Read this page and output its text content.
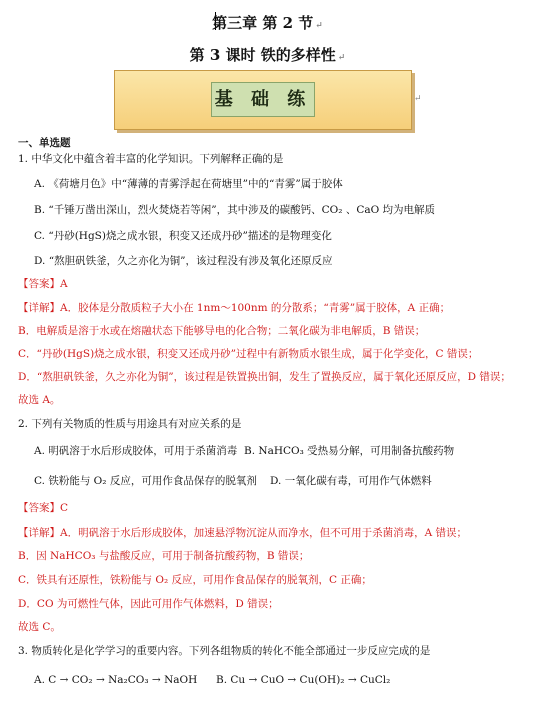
第三章 第 2 节 ↵
第 3 课时 铁的多样性 ↵
基 础 练	↵
一、单选题
1. 中华文化中蕴含着丰富的化学知识。下列解释正确的是
A. 《荷塘月色》中“薄薄的青雾浮起在荷塘里”中的“青雾”属于胶体
B. “千锤万凿出深山，烈火焚烧若等闲”，其中涉及的碳酸钙、CO₂ 、CaO 均为电解质
C. “丹砂(HgS)烧之成水银，积变又还成丹砂”描述的是物理变化
D. “熬胆矾铁釜，久之亦化为铜”，该过程没有涉及氧化还原反应
【答案】A
【详解】A．胶体是分散质粒子大小在 1nm～100nm 的分散系；“青雾”属于胶体，A 正确；
B．电解质是溶于水或在熔融状态下能够导电的化合物；二氧化碳为非电解质，B 错误；
C．“丹砂(HgS)烧之成水银，积变又还成丹砂”过程中有新物质水银生成，属于化学变化，C 错误；
D．“熬胆矾铁釜，久之亦化为铜”，该过程是铁置换出铜，发生了置换反应，属于氧化还原反应，D 错误；
故选 A。
2. 下列有关物质的性质与用途具有对应关系的是
A. 明矾溶于水后形成胶体，可用于杀菌消毒 B. NaHCO₃ 受热易分解，可用制备抗酸药物
C. 铁粉能与 O₂ 反应，可用作食品保存的脱氧剂 D. 一氧化碳有毒，可用作气体燃料
【答案】C
【详解】A．明矾溶于水后形成胶体，加速悬浮物沉淀从而净水，但不可用于杀菌消毒，A 错误；
B．因 NaHCO₃ 与盐酸反应，可用于制备抗酸药物，B 错误；
C．铁具有还原性，铁粉能与 O₂ 反应，可用作食品保存的脱氧剂，C 正确；
D．CO 为可燃性气体，因此可用作气体燃料，D 错误；
故选 C。
3. 物质转化是化学学习的重要内容。下列各组物质的转化不能全部通过一步反应完成的是
A. C → CO₂ → Na₂CO₃ → NaOH B. Cu → CuO → Cu(OH)₂ → CuCl₂
